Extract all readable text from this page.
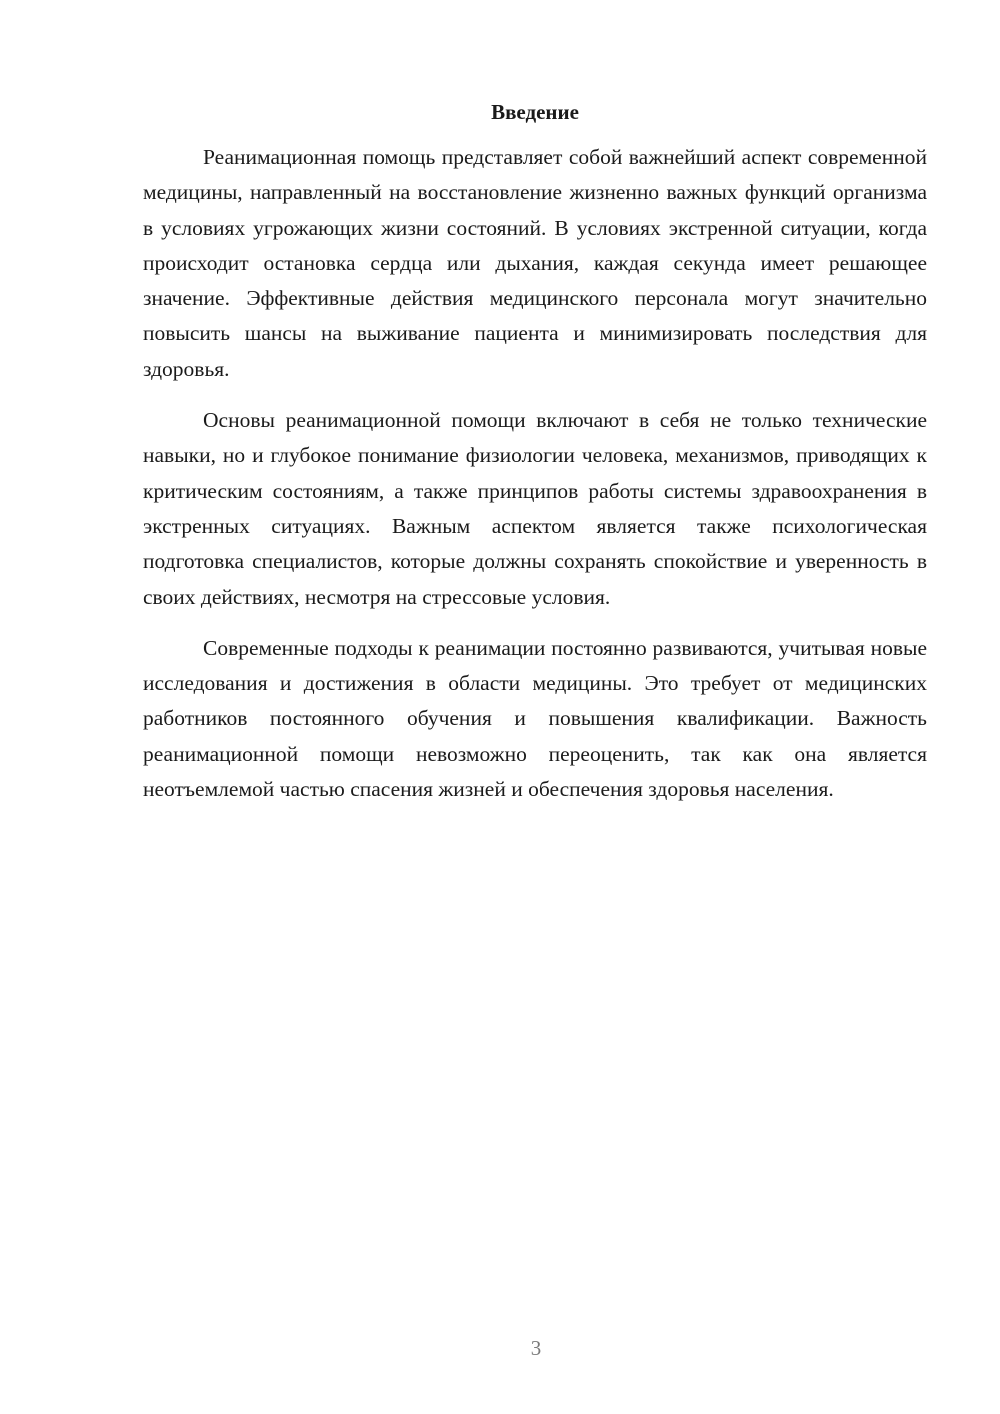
Введение

Реанимационная помощь представляет собой важнейший аспект современной медицины, направленный на восстановление жизненно важных функций организма в условиях угрожающих жизни состояний. В условиях экстренной ситуации, когда происходит остановка сердца или дыхания, каждая секунда имеет решающее значение. Эффективные действия медицинского персонала могут значительно повысить шансы на выживание пациента и минимизировать последствия для здоровья.

Основы реанимационной помощи включают в себя не только технические навыки, но и глубокое понимание физиологии человека, механизмов, приводящих к критическим состояниям, а также принципов работы системы здравоохранения в экстренных ситуациях. Важным аспектом является также психологическая подготовка специалистов, которые должны сохранять спокойствие и уверенность в своих действиях, несмотря на стрессовые условия.

Современные подходы к реанимации постоянно развиваются, учитывая новые исследования и достижения в области медицины. Это требует от медицинских работников постоянного обучения и повышения квалификации. Важность реанимационной помощи невозможно переоценить, так как она является неотъемлемой частью спасения жизней и обеспечения здоровья населения.

3
